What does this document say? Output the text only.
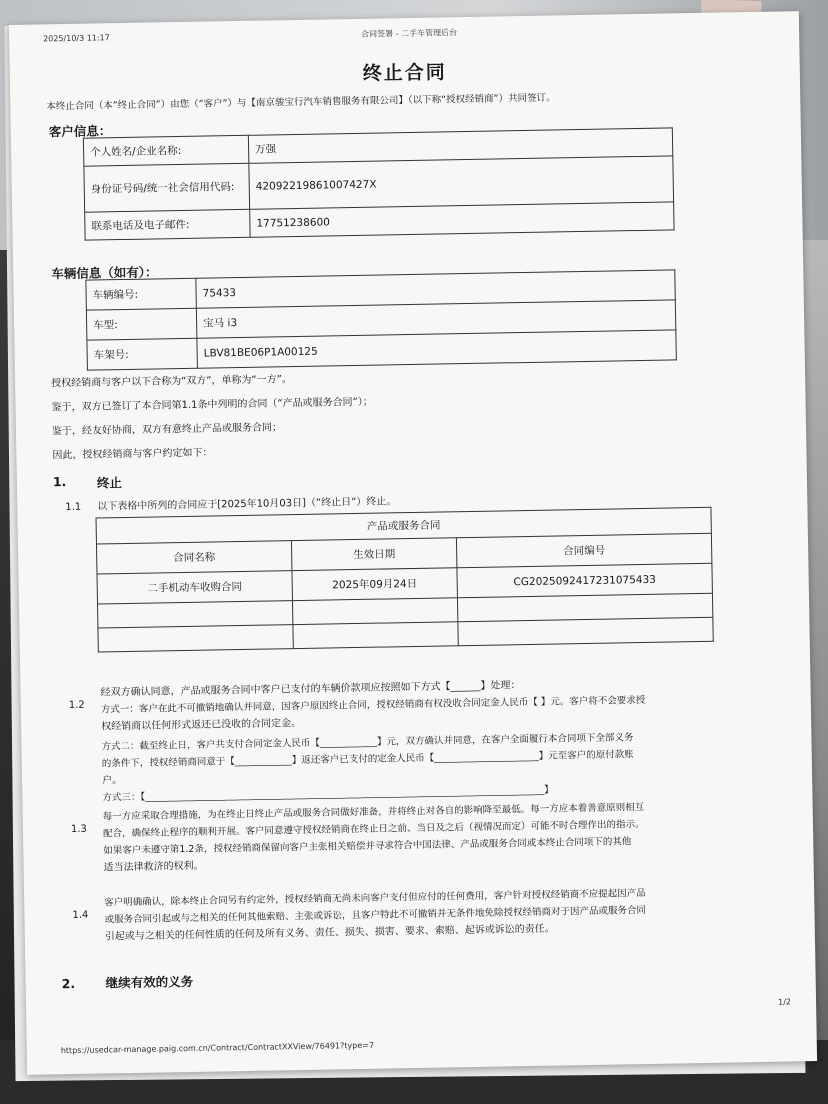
2025/10/3 11:17	合同签署 - 二手车管理后台
终止合同
本终止合同（本“终止合同”）由您（“客户”）与【南京骏宝行汽车销售服务有限公司】（以下称“授权经销商”）共同签订。
客户信息：
个人姓名/企业名称:	万强
身份证号码/统一社会信用代码:	42092219861007427X
联系电话及电子邮件:	17751238600
车辆信息（如有）：
车辆编号:	75433
车型:	宝马 i3
车架号:	LBV81BE06P1A00125
授权经销商与客户以下合称为“双方”，单称为“一方”。
鉴于，双方已签订了本合同第1.1条中列明的合同（“产品或服务合同”）；
鉴于，经友好协商，双方有意终止产品或服务合同；
因此，授权经销商与客户约定如下：
1. 终止
1.1 以下表格中所列的合同应于[2025年10月03日]（“终止日”）终止。
产品或服务合同		
合同名称	生效日期	合同编号
二手机动车收购合同	2025年09月24日	CG2025092417231075433

1.2
经双方确认同意，产品或服务合同中客户已支付的车辆价款项应按照如下方式【______】处理：
方式一：客户在此不可撤销地确认并同意，因客户原因终止合同，授权经销商有权没收合同定金人民币【 】元。客户将不会要求授
权经销商以任何形式返还已没收的合同定金。
方式二：截至终止日，客户共支付合同定金人民币【____________】元，双方确认并同意，在客户全面履行本合同项下全部义务
的条件下，授权经销商同意于【____________】返还客户已支付的定金人民币【______________________】元至客户的原付款账
户。
方式三：【____________________________________________________________________________________】
1.3
每一方应采取合理措施，为在终止日终止产品或服务合同做好准备，并将终止对各自的影响降至最低。每一方应本着善意原则相互
配合，确保终止程序的顺利开展。客户同意遵守授权经销商在终止日之前、当日及之后（视情况而定）可能不时合理作出的指示。
如果客户未遵守第1.2条，授权经销商保留向客户主张相关赔偿并寻求符合中国法律、产品或服务合同或本终止合同项下的其他
适当法律救济的权利。
1.4
客户明确确认，除本终止合同另有约定外，授权经销商无尚未向客户支付但应付的任何费用，客户针对授权经销商不应提起因产品
或服务合同引起或与之相关的任何其他索赔、主张或诉讼，且客户特此不可撤销并无条件地免除授权经销商对于因产品或服务合同
引起或与之相关的任何性质的任何及所有义务、责任、损失、损害、要求、索赔、起诉或诉讼的责任。
2. 继续有效的义务
1/2
https://usedcar-manage.paig.com.cn/Contract/ContractXXView/76491?type=7
